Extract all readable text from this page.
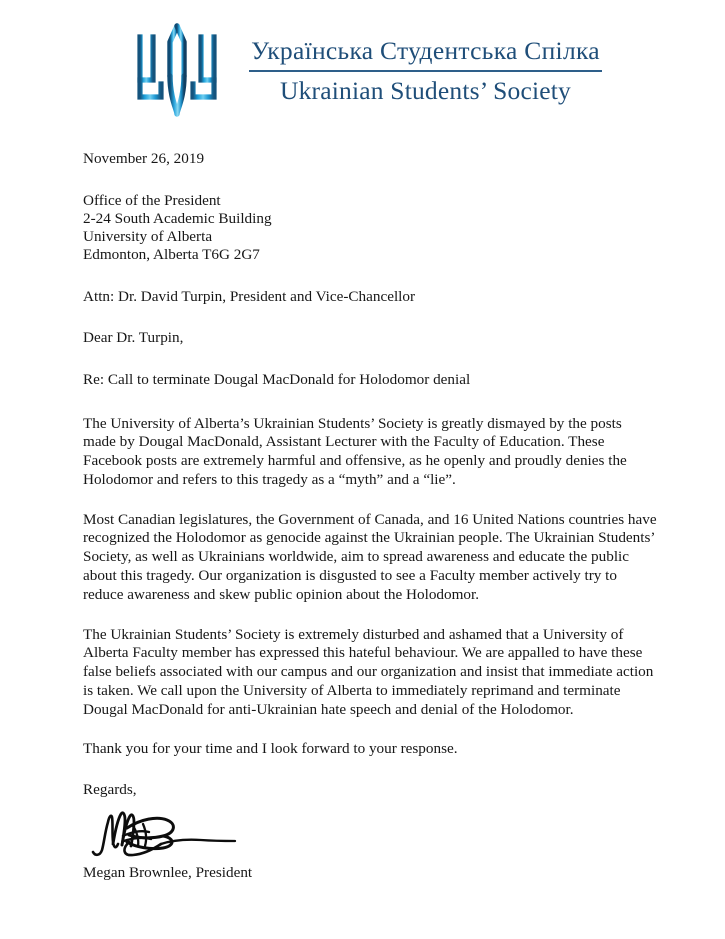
Українська Студентська Спілка
Ukrainian Students’ Society
November 26, 2019
Office of the President
2-24 South Academic Building
University of Alberta
Edmonton, Alberta T6G 2G7
Attn: Dr. David Turpin, President and Vice-Chancellor
Dear Dr. Turpin,
Re: Call to terminate Dougal MacDonald for Holodomor denial

The University of Alberta’s Ukrainian Students’ Society is greatly dismayed by the posts made by Dougal MacDonald, Assistant Lecturer with the Faculty of Education. These Facebook posts are extremely harmful and offensive, as he openly and proudly denies the Holodomor and refers to this tragedy as a “myth” and a “lie”.

Most Canadian legislatures, the Government of Canada, and 16 United Nations countries have recognized the Holodomor as genocide against the Ukrainian people. The Ukrainian Students’ Society, as well as Ukrainians worldwide, aim to spread awareness and educate the public about this tragedy. Our organization is disgusted to see a Faculty member actively try to reduce awareness and skew public opinion about the Holodomor.

The Ukrainian Students’ Society is extremely disturbed and ashamed that a University of Alberta Faculty member has expressed this hateful behaviour. We are appalled to have these false beliefs associated with our campus and our organization and insist that immediate action is taken. We call upon the University of Alberta to immediately reprimand and terminate Dougal MacDonald for anti-Ukrainian hate speech and denial of the Holodomor.

Thank you for your time and I look forward to your response.
Regards,
Megan Brownlee, President
